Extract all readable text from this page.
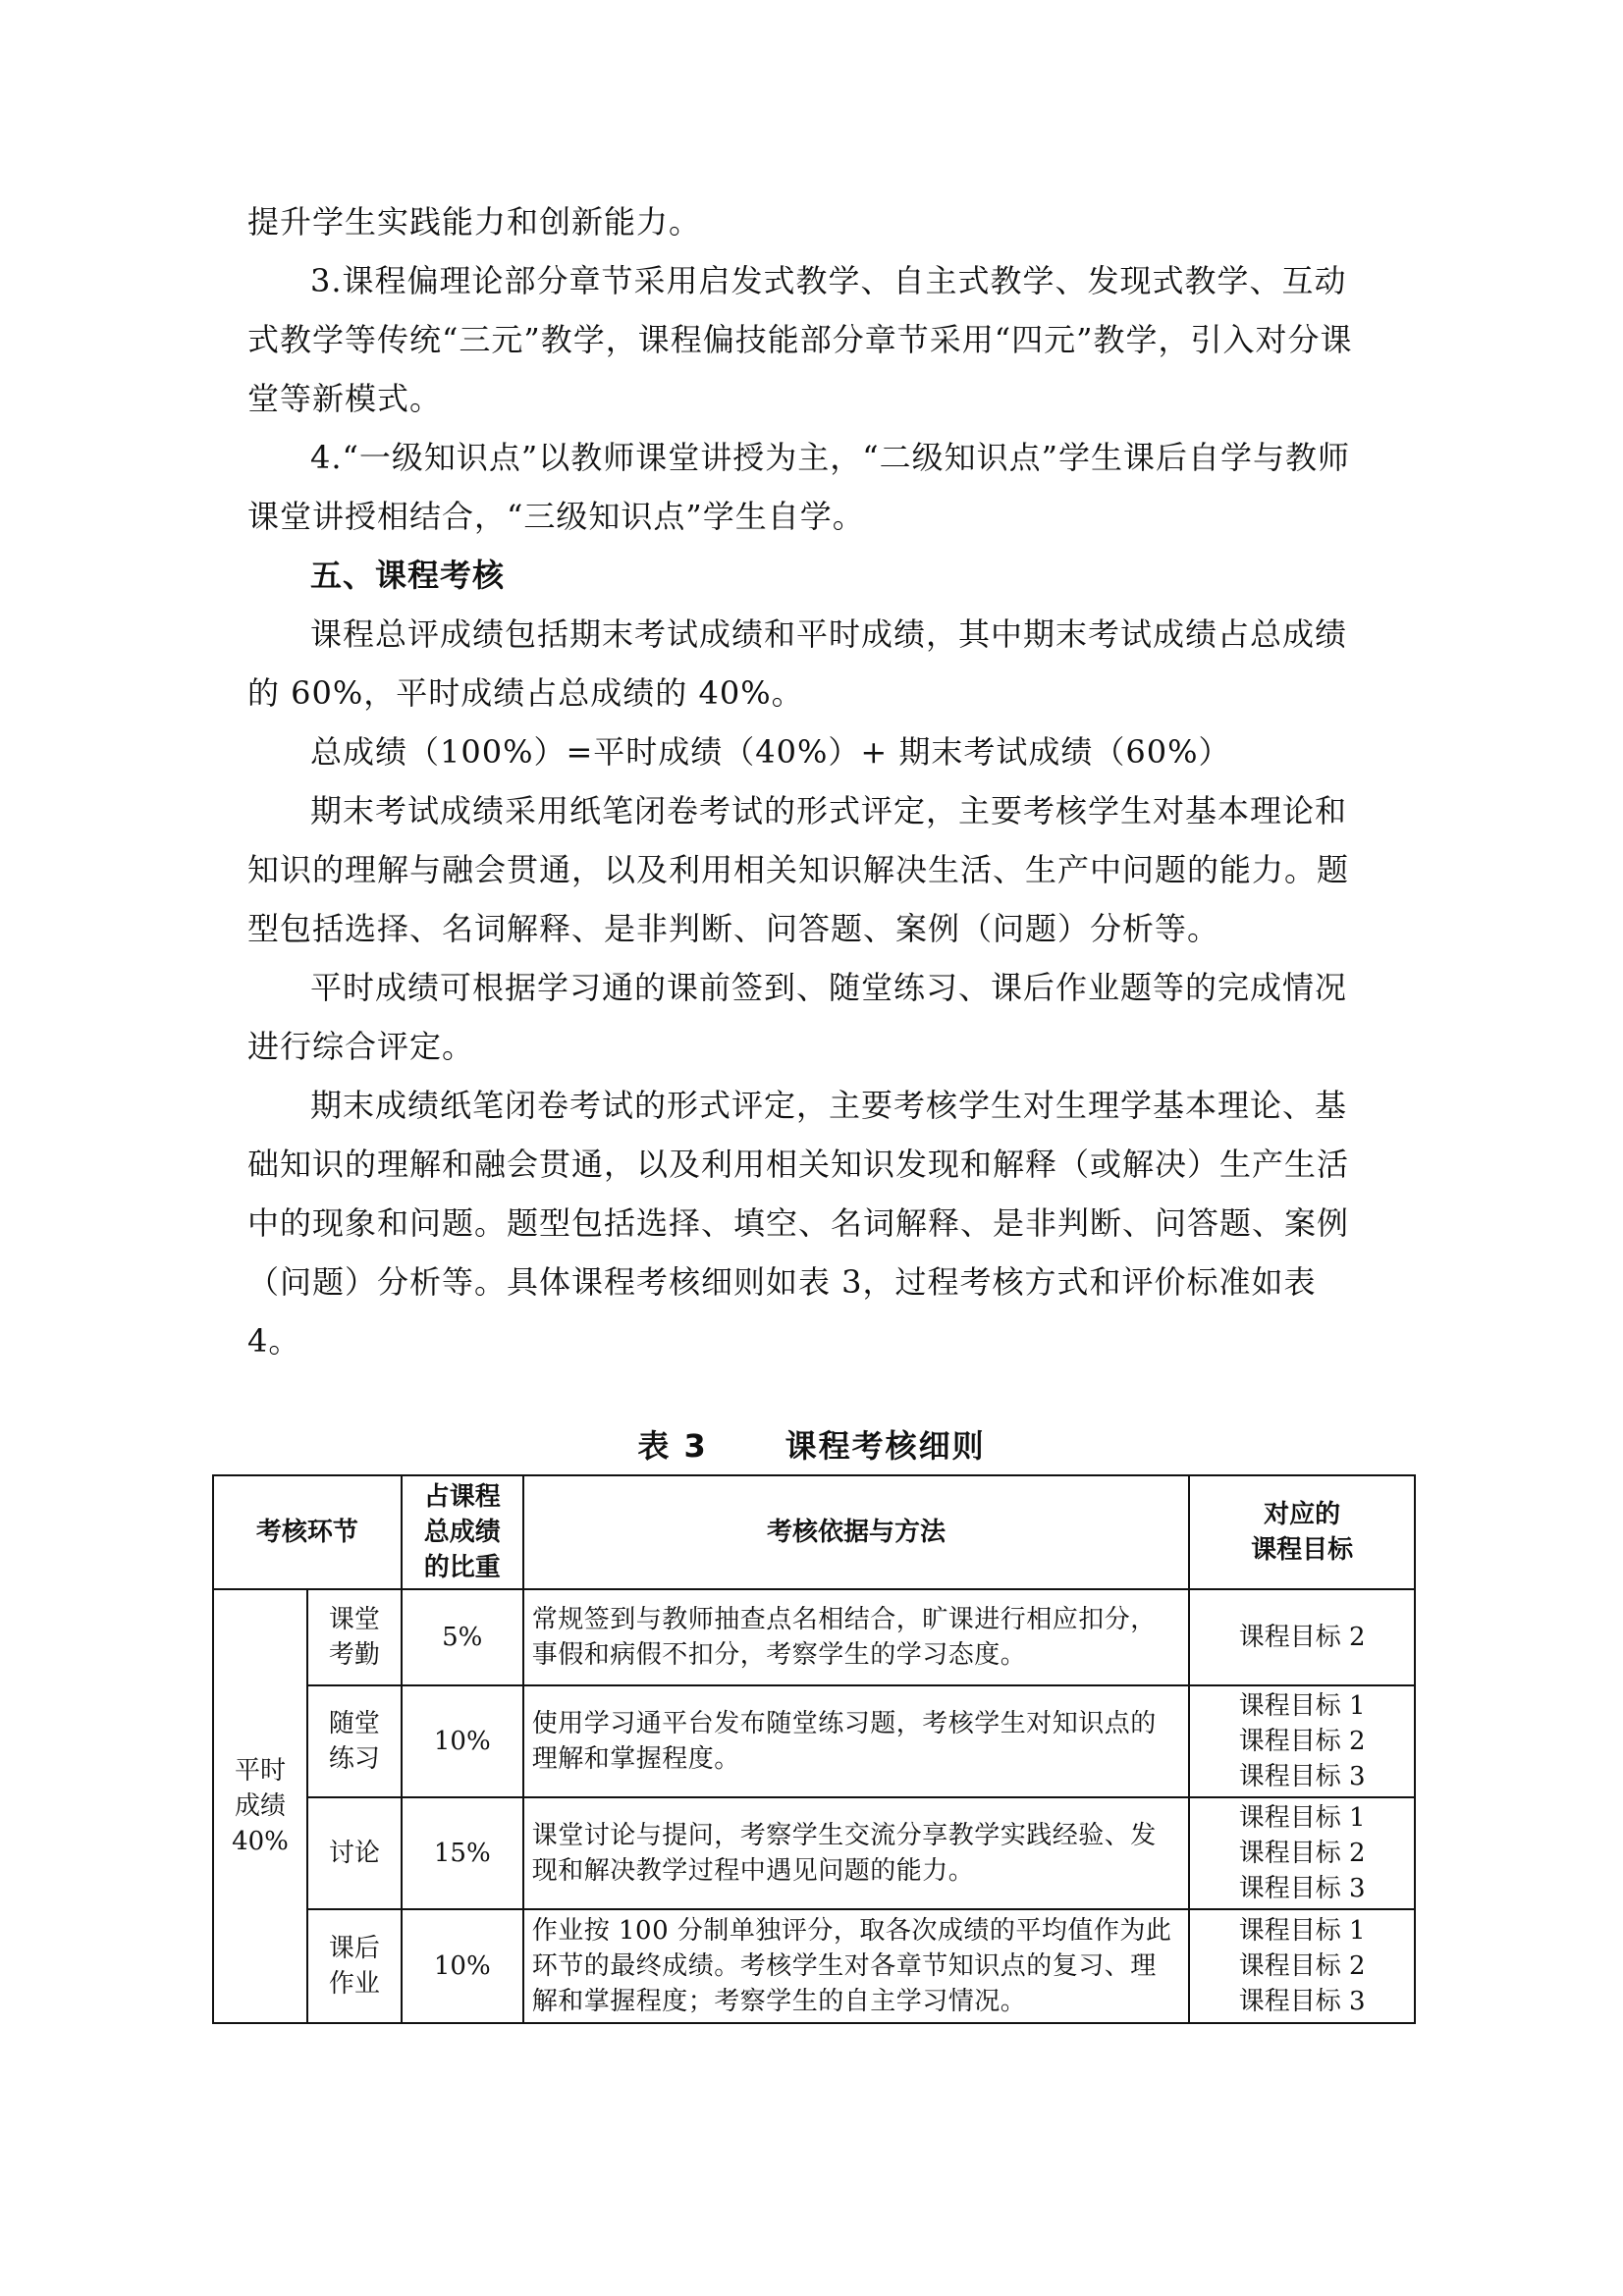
提升学生实践能力和创新能力。

3.课程偏理论部分章节采用启发式教学、自主式教学、发现式教学、互动式教学等传统“三元”教学，课程偏技能部分章节采用“四元”教学，引入对分课堂等新模式。

4.“一级知识点”以教师课堂讲授为主，“二级知识点”学生课后自学与教师课堂讲授相结合，“三级知识点”学生自学。

五、课程考核

课程总评成绩包括期末考试成绩和平时成绩，其中期末考试成绩占总成绩的 60%，平时成绩占总成绩的 40%。

总成绩（100%）=平时成绩（40%）+ 期末考试成绩（60%）

期末考试成绩采用纸笔闭卷考试的形式评定，主要考核学生对基本理论和知识的理解与融会贯通，以及利用相关知识解决生活、生产中问题的能力。题型包括选择、名词解释、是非判断、问答题、案例（问题）分析等。

平时成绩可根据学习通的课前签到、随堂练习、课后作业题等的完成情况进行综合评定。

期末成绩纸笔闭卷考试的形式评定，主要考核学生对生理学基本理论、基础知识的理解和融会贯通，以及利用相关知识发现和解释（或解决）生产生活中的现象和问题。题型包括选择、填空、名词解释、是非判断、问答题、案例（问题）分析等。具体课程考核细则如表 3，过程考核方式和评价标准如表 4。

表 3      课程考核细则
考核环节		占课程
总成绩
的比重	考核依据与方法	对应的
课程目标

平时
成绩
40%	课堂
考勤	5%	常规签到与教师抽查点名相结合，旷课进行相应扣分，事假和病假不扣分，考察学生的学习态度。	课程目标 2

	随堂
练习	10%	使用学习通平台发布随堂练习题，考核学生对知识点的理解和掌握程度。	课程目标 1
课程目标 2
课程目标 3

	讨论	15%	课堂讨论与提问，考察学生交流分享教学实践经验、发现和解决教学过程中遇见问题的能力。	课程目标 1
课程目标 2
课程目标 3

	课后
作业	10%	作业按 100 分制单独评分，取各次成绩的平均值作为此环节的最终成绩。考核学生对各章节知识点的复习、理解和掌握程度；考察学生的自主学习情况。	课程目标 1
课程目标 2
课程目标 3
